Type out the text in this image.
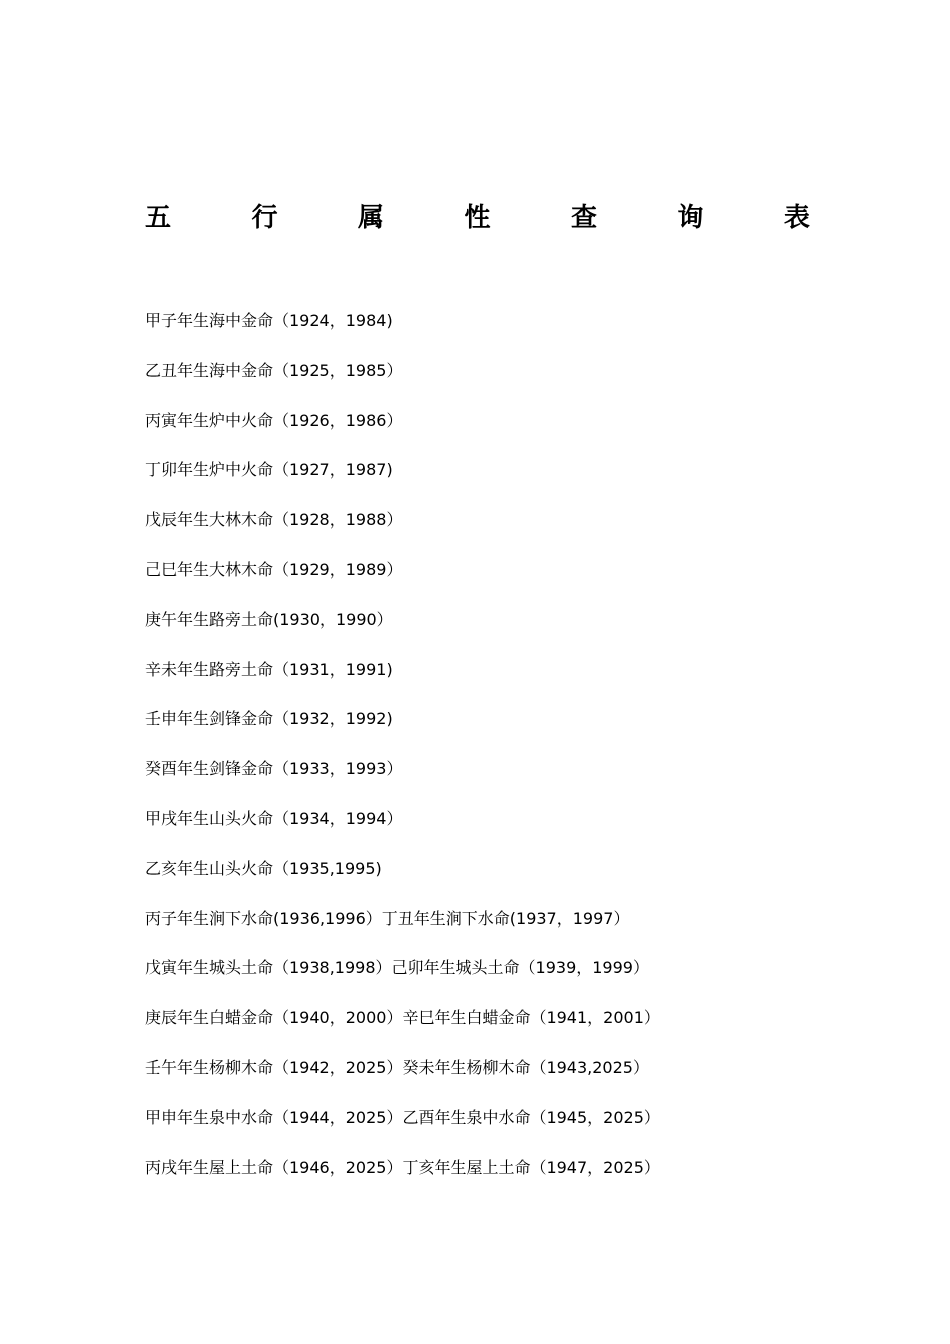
五	行	属	性	查	询	表
甲子年生海中金命（1924，1984)
乙丑年生海中金命（1925，1985）
丙寅年生炉中火命（1926，1986）
丁卯年生炉中火命（1927，1987)
戊辰年生大林木命（1928，1988）
己巳年生大林木命（1929，1989）
庚午年生路旁土命(1930，1990）
辛未年生路旁土命（1931，1991)
壬申年生剑锋金命（1932，1992)
癸酉年生剑锋金命（1933，1993）
甲戌年生山头火命（1934，1994）
乙亥年生山头火命（1935,1995)
丙子年生涧下水命(1936,1996）丁丑年生涧下水命(1937，1997）
戊寅年生城头土命（1938,1998）己卯年生城头土命（1939，1999）
庚辰年生白蜡金命（1940，2000）辛巳年生白蜡金命（1941，2001）
壬午年生杨柳木命（1942，2025）癸未年生杨柳木命（1943,2025）
甲申年生泉中水命（1944，2025）乙酉年生泉中水命（1945，2025）
丙戌年生屋上土命（1946，2025）丁亥年生屋上土命（1947，2025）
